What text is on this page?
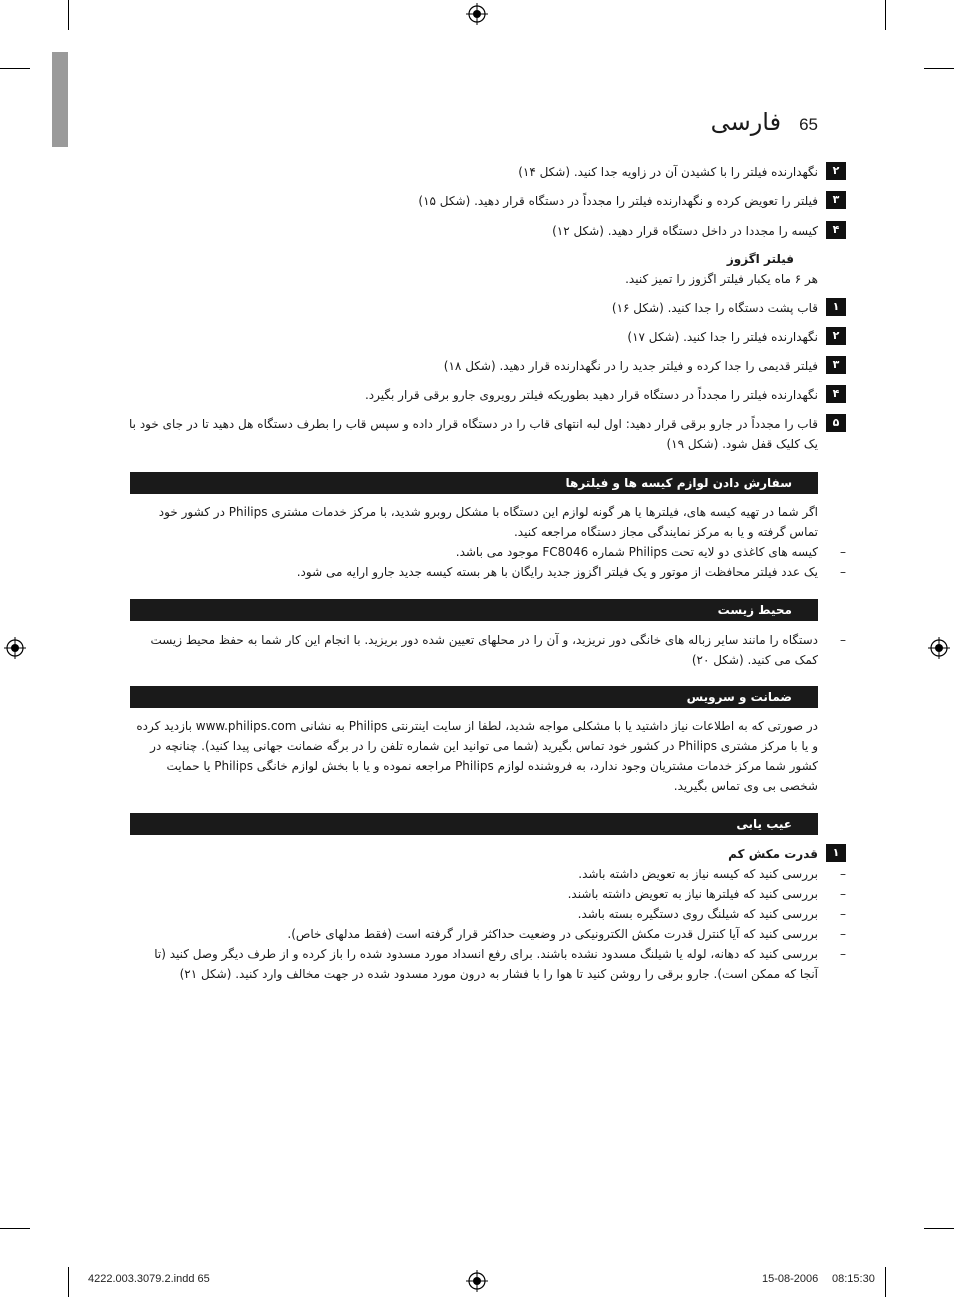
65
فارسی
۲
نگهدارنده فیلتر را با کشیدن آن در زاویه جدا کنید. (شکل ۱۴)
۳
فیلتر را تعویض کرده و نگهدارنده فیلتر را مجدداً در دستگاه قرار دهید. (شکل ۱۵)
۴
کیسه را مجددا در داخل دستگاه قرار دهید. (شکل ۱۲)
فیلتر اگزوز
هر ۶ ماه یکبار فیلتر اگزوز را تمیز کنید.
۱
قاب پشت دستگاه را جدا کنید. (شکل ۱۶)
۲
نگهدارنده فیلتر را جدا کنید. (شکل ۱۷)
۳
فیلتر قدیمی را جدا کرده و فیلتر جدید را در نگهدارنده قرار دهید. (شکل ۱۸)
۴
نگهدارنده فیلتر را مجدداً در دستگاه قرار دهید بطوریکه فیلتر رویروی جارو برقی قرار بگیرد.
۵
قاب را مجدداً در جارو برقی قرار دهید: اول لبه انتهای قاب را در دستگاه قرار داده و سپس قاب را بطرف دستگاه هل دهید تا در جای خود با یک کلیک قفل شود. (شکل ۱۹)
سفارش دادن لوازم کیسه ها و فیلترها
اگر شما در تهیه کیسه های، فیلترها یا هر گونه لوازم این دستگاه با مشکل روبرو شدید، با مرکز خدمات مشتری Philips در کشور خود تماس گرفته و یا به مرکز نمایندگی مجاز دستگاه مراجعه کنید.
–
کیسه های کاغذی دو لایه تحت Philips شماره FC8046 موجود می باشد.
–
یک عدد فیلتر محافظت از موتور و یک فیلتر اگزوز جدید رایگان با هر بسته کیسه جدید جارو ارایه می شود.
محیط زیست
–
دستگاه را مانند سایر زباله های خانگی دور نریزید، و آن را در محلهای تعیین شده دور بریزید. با انجام این کار شما به حفظ محیط زیست کمک می کنید. (شکل ۲۰)
ضمانت و سرویس
در صورتی که به اطلاعات نیاز داشتید یا با مشکلی مواجه شدید، لطفا از سایت اینترنتی Philips به نشانی www.philips.com بازدید کرده و یا با مرکز مشتری Philips در کشور خود تماس بگیرید (شما می توانید این شماره تلفن را در برگه ضمانت جهانی پیدا کنید). چنانچه در کشور شما مرکز خدمات مشتریان وجود ندارد، به فروشنده لوازم Philips مراجعه نموده و یا با بخش لوازم خانگی Philips یا حمایت شخصی بی وی تماس بگیرید.
عیب یابی
۱
قدرت مکش کم
–
بررسی کنید که کیسه نیاز به تعویض داشته باشد.
–
بررسی کنید که فیلترها نیاز به تعویض داشته باشند.
–
بررسی کنید که شیلنگ روی دستگیره بسته باشد.
–
بررسی کنید که آیا کنترل قدرت مکش الکترونیکی در وضعیت حداکثر قرار گرفته است (فقط مدلهای خاص).
–
بررسی کنید که دهانه، لوله یا شیلنگ مسدود نشده باشند. برای رفع انسداد مورد مسدود شده را باز کرده و از طرف دیگر وصل کنید (تا آنجا که ممکن است). جارو برقی را روشن کنید تا هوا را با فشار به درون مورد مسدود شده در جهت مخالف وارد کنید. (شکل ۲۱)
4222.003.3079.2.indd 65	15-08-2006 08:15:30
